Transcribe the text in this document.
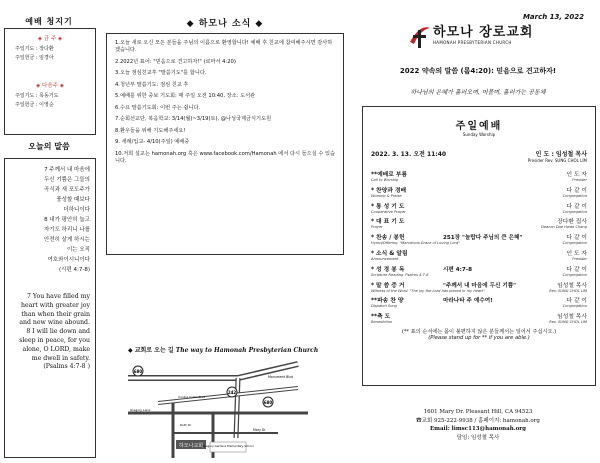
예배 청지기
◈ 금 주 ◈
주일기도 : 장다환
주일헌금 : 임경아
◈ 다음주 ◈
주일기도 : 목동기도
주일헌금 : 이영순
오늘의 말씀
7 주께서 내 마음에
두신 기쁨은 그들의
곡식과 새 포도주가
풍성할 때보다
더하니이다
8 내가 평안히 눕고
자기도 하리니 나를
안전히 살게 하시는
이는 오직
여호와이시니이다
(시편 4:7-8)
7 You have filled my
heart with greater joy
than when their grain
and new wine abound.
8 I will lie down and
sleep in peace, for you
alone, O LORD, make
me dwell in safety.
(Psalms 4:7-8 )
◆ 하모나 소식 ◆
1.오늘 새로 오신 모든 분들을 주님의 이름으로 환영합니다! 예배 후 친교에 참여해주시면 감사하겠습니다.
2.2022년 표어: "믿음으로 견고하자!" (로마서 4:20)
3.오늘 점심친교후 "말씀기도"를 합니다.
4.청년부 말씀기도: 점심 친교 후
5.예배를 위한 중보 기도회: 매 주일 오전 10:40, 장소: 도서관
6.수요 말씀기도회: 이번 주는 쉽니다.
7.순회선교단, 복음학교: 3/14(월)~3/19(토), @나성국제금식기도원
8.환우들을 위해 기도해주세요!
9. 세례/입교- 4/10(주일) 예배중
10.저희 설교는 hamonah.org 혹은 www.facebook.com/Hamonah 에서 다시 들으실 수 있습니다.
◆ 교회로 오는 길 The way to Hamonah Presbyterian Church
하모나교회 Gregory Gardens Elementary School
680
242
680
Monument Blvd
Mary Dr
Ruth Dr
Gregory Lane
Contra Costa Blvd
March 13, 2022
하모나 장로교회
HAMONAH PRESBYTERIAN CHURCH
2022 약속의 말씀 (롬4:20): 믿음으로 견고하자!
하나님의 은혜가 흘러오며, 머물며, 흘러가는 공동체
주일예배
Sunday Worship
2022. 3. 13. 오전 11:40	인 도 : 임성철 목사
Presider Rev. SUNG CHOL LIM
**예배로 부름	인 도 자
Call to Worship	Presider
* 찬양과 경배	다 같 이
Worship & Praise	Congregation
* 통 성 기 도	다 같 이
Cooperative Prayer	Congregation
* 대 표 기 도	장다환 집사
Prayer	Deacon Dae Hwan Chang
* 찬송 / 봉헌	251장 "놀랍다 주님의 큰 은혜"	다 같 이
Hymn/Offering "Marvelous Grace of Loving Lord"	Congregation
* 소식 & 알림	인 도 자
Announcement	Presider
* 성 경 봉 독	시편 4:7-8	다 같 이
Scripture Reading Psalms 4:7-8	Congregation
* 말 씀 증 거	"주께서 내 마음에 두신 기쁨"	임성철 목사
Witness of the Word "The joy the Lord has placed in my heart"	Rev. SUNG CHOL LIM
**파송 찬 양	마라나타 주 예수여!	다 같 이
Dispatch Song	Congregation
**축 도	임성철 목사
Benediction	Rev. SUNG CHOL LIM
(** 표의 순서에는 몸이 불편하지 않은 분들께서는 일어서 주십시오.)
(Please stand up for ** if you are able.)
1601 Mary Dr. Pleasant Hill, CA 94523
☎교회 925-222-9938 / 홈페이지: hamonah.org
Email: limsc113@hamonah.org
담임: 임성철 목사
